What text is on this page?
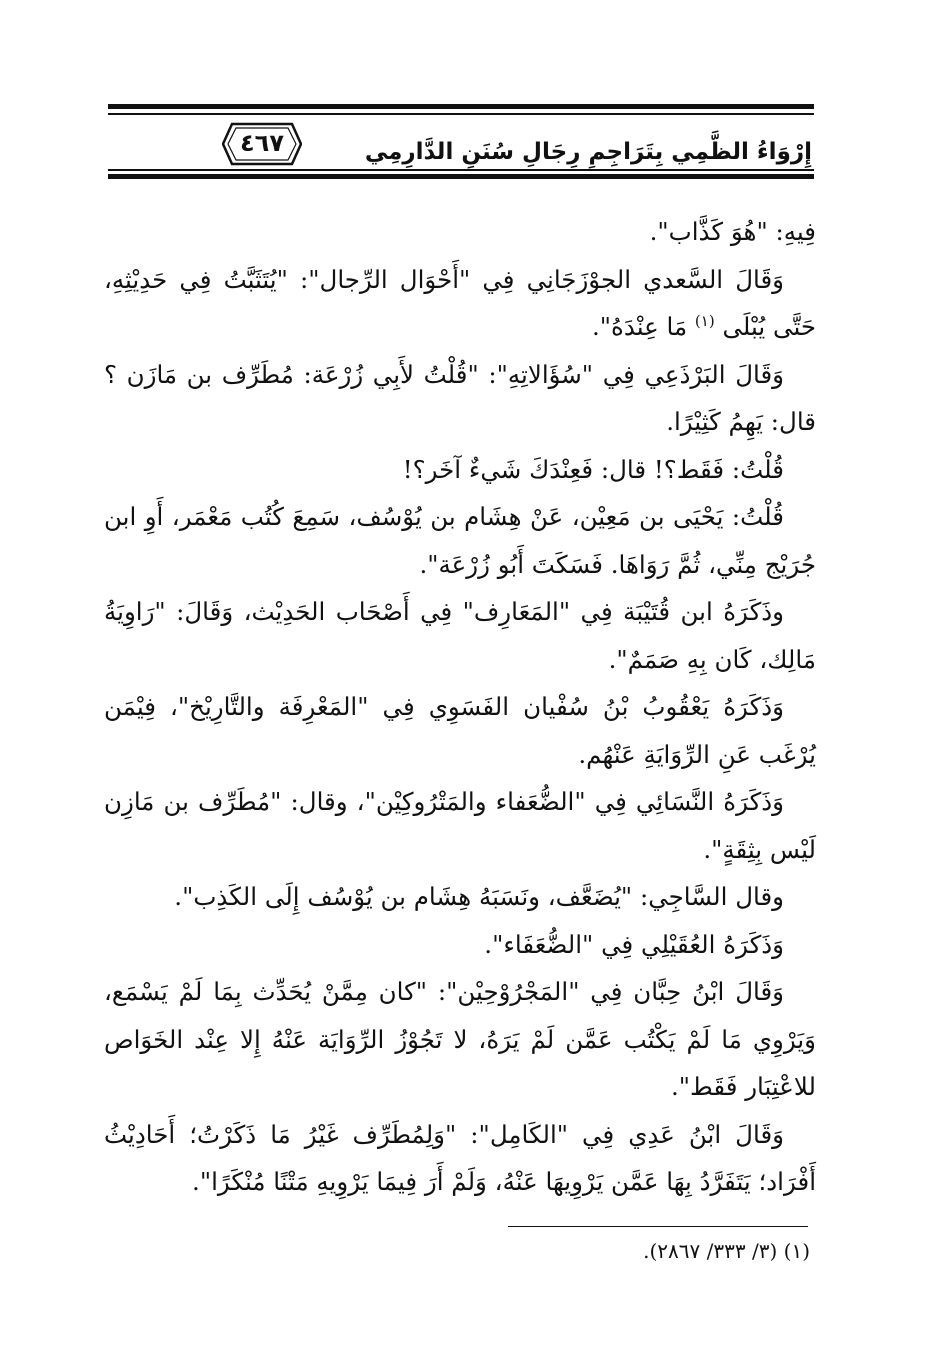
٤٦٧	إِرْوَاءُ الظَّمِي بِتَرَاجِمِ رِجَالِ سُنَنِ الدَّارِمِي

فِيهِ: "هُوَ كَذَّاب".

وَقَالَ السَّعدي الجوْزَجَانِي فِي "أَحْوَال الرِّجال": "يُتَثَبَّتُ فِي حَدِيْثِهِ، حَتَّى يُبْلَى $^{(١)}$ مَا عِنْدَهُ".

وَقَالَ البَرْذَعِي فِي "سُؤَالاتِهِ": "قُلْتُ لأَبِي زُرْعَة: مُطَرِّف بن مَازَن ؟ قال: يَهِمُ كَثِيْرًا.

قُلْتُ: فَقَط؟! قال: فَعِنْدَكَ شَيءٌ آخَر؟!

قُلْتُ: يَحْيَى بن مَعِيْن، عَنْ هِشَام بن يُوْسُف، سَمِعَ كُتُب مَعْمَر، أَوِ ابن جُرَيْج مِنِّي، ثُمَّ رَوَاهَا. فَسَكَتَ أَبُو زُرْعَة".

وذَكَرَهُ ابن قُتَيْبَة فِي "المَعَارِف" فِي أَصْحَاب الحَدِيْث، وَقَالَ: "رَاوِيَةُ مَالِك، كَان بِهِ صَمَمٌ".

وَذَكَرَهُ يَعْقُوبُ بْنُ سُفْيان الفَسَوِي فِي "المَعْرِفَة والتَّارِيْخ"، فِيْمَن يُرْغَب عَنِ الرِّوَايَةِ عَنْهُم.

وَذَكَرَهُ النَّسَائِي فِي "الضُّعَفاء والمَتْرُوكِيْن"، وقال: "مُطَرِّف بن مَازِن لَيْس بِثِقَةٍ".

وقال السَّاجِي: "يُضَعَّف، ونَسَبَهُ هِشَام بن يُوْسُف إِلَى الكَذِب".

وَذَكَرَهُ العُقَيْلِي فِي "الضُّعَفَاء".

وَقَالَ ابْنُ حِبَّان فِي "المَجْرُوْحِيْن": "كان مِمَّنْ يُحَدِّث بِمَا لَمْ يَسْمَع، وَيَرْوِي مَا لَمْ يَكْتُب عَمَّن لَمْ يَرَهُ، لا تَجُوْزُ الرِّوَايَة عَنْهُ إِلا عِنْد الخَوَاص للاعْتِبَار فَقَط".

وَقَالَ ابْنُ عَدِي فِي "الكَامِل": "وَلِمُطَرِّف غَيْرُ مَا ذَكَرْتُ؛ أَحَادِيْثُ أَفْرَاد؛ يَتَفَرَّدُ بِهَا عَمَّن يَرْوِيهَا عَنْهُ، وَلَمْ أَرَ فِيمَا يَرْوِيهِ مَتْنًا مُنْكَرًا".

(١) (٣/ ٣٣٣/ ٢٨٦٧).
